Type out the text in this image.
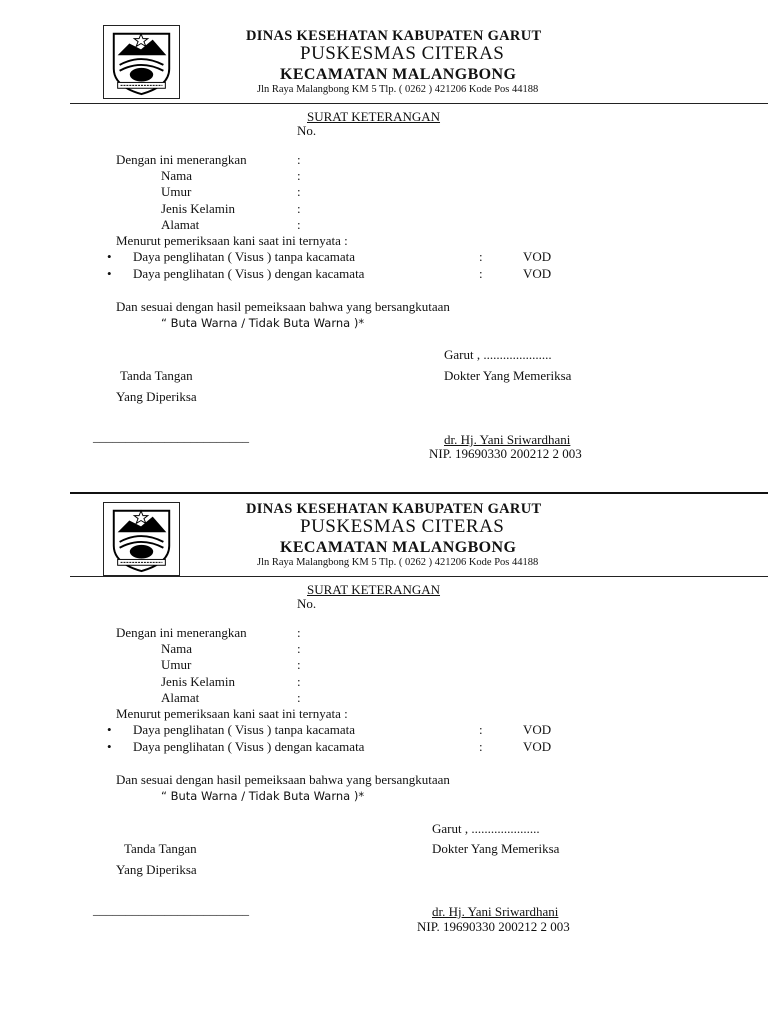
DINAS KESEHATAN KABUPATEN GARUT
PUSKESMAS CITERAS
KECAMATAN MALANGBONG
Jln Raya Malangbong KM 5 Tlp. ( 0262 ) 421206 Kode Pos 44188
SURAT KETERANGAN
No.
Dengan ini menerangkan	:
Nama	:
Umur	:
Jenis Kelamin	:
Alamat	:
Menurut pemeriksaan kani saat ini ternyata :
• Daya penglihatan ( Visus ) tanpa kacamata	:	VOD
• Daya penglihatan ( Visus ) dengan kacamata	:	VOD
Dan sesuai dengan hasil pemeiksaan bahwa yang bersangkutaan
“ Buta Warna / Tidak Buta Warna )*
Garut , .....................
Tanda Tangan	Dokter Yang Memeriksa
Yang Diperiksa
________________________	dr. Hj. Yani Sriwardhani
NIP. 19690330 200212 2 003
DINAS KESEHATAN KABUPATEN GARUT
PUSKESMAS CITERAS
KECAMATAN MALANGBONG
Jln Raya Malangbong KM 5 Tlp. ( 0262 ) 421206 Kode Pos 44188
SURAT KETERANGAN
No.
Dengan ini menerangkan	:
Nama	:
Umur	:
Jenis Kelamin	:
Alamat	:
Menurut pemeriksaan kani saat ini ternyata :
• Daya penglihatan ( Visus ) tanpa kacamata	:	VOD
• Daya penglihatan ( Visus ) dengan kacamata	:	VOD
Dan sesuai dengan hasil pemeiksaan bahwa yang bersangkutaan
“ Buta Warna / Tidak Buta Warna )*
Garut , .....................
Tanda Tangan	Dokter Yang Memeriksa
Yang Diperiksa
________________________	dr. Hj. Yani Sriwardhani
NIP. 19690330 200212 2 003
